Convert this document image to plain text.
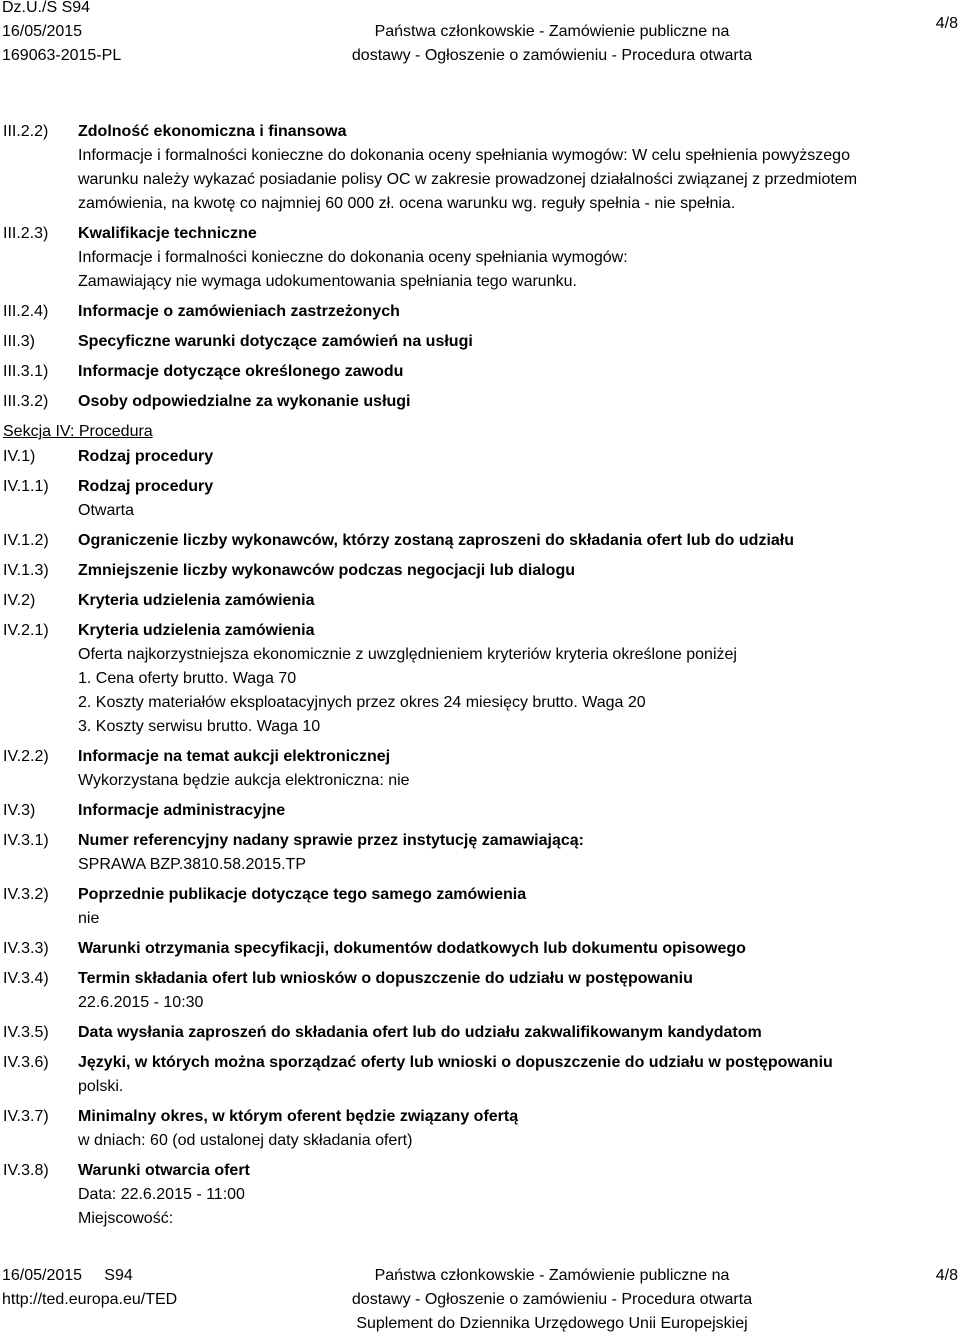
Dz.U./S S94
16/05/2015
169063-2015-PL
Państwa członkowskie - Zamówienie publiczne na
dostawy - Ogłoszenie o zamówieniu - Procedura otwarta
4/8
III.2.2) Zdolność ekonomiczna i finansowa
Informacje i formalności konieczne do dokonania oceny spełniania wymogów: W celu spełnienia powyższego
warunku należy wykazać posiadanie polisy OC w zakresie prowadzonej działalności związanej z przedmiotem
zamówienia, na kwotę co najmniej 60 000 zł. ocena warunku wg. reguły spełnia - nie spełnia.
III.2.3) Kwalifikacje techniczne
Informacje i formalności konieczne do dokonania oceny spełniania wymogów:
Zamawiający nie wymaga udokumentowania spełniania tego warunku.
III.2.4) Informacje o zamówieniach zastrzeżonych
III.3)	Specyficzne warunki dotyczące zamówień na usługi
III.3.1) Informacje dotyczące określonego zawodu
III.3.2) Osoby odpowiedzialne za wykonanie usługi
Sekcja IV: Procedura
IV.1)	Rodzaj procedury
IV.1.1) Rodzaj procedury
Otwarta
IV.1.2) Ograniczenie liczby wykonawców, którzy zostaną zaproszeni do składania ofert lub do udziału
IV.1.3) Zmniejszenie liczby wykonawców podczas negocjacji lub dialogu
IV.2)	Kryteria udzielenia zamówienia
IV.2.1) Kryteria udzielenia zamówienia
Oferta najkorzystniejsza ekonomicznie z uwzględnieniem kryteriów kryteria określone poniżej
1. Cena oferty brutto. Waga 70
2. Koszty materiałów eksploatacyjnych przez okres 24 miesięcy brutto. Waga 20
3. Koszty serwisu brutto. Waga 10
IV.2.2) Informacje na temat aukcji elektronicznej
Wykorzystana będzie aukcja elektroniczna: nie
IV.3)	Informacje administracyjne
IV.3.1) Numer referencyjny nadany sprawie przez instytucję zamawiającą:
SPRAWA BZP.3810.58.2015.TP
IV.3.2) Poprzednie publikacje dotyczące tego samego zamówienia
nie
IV.3.3) Warunki otrzymania specyfikacji, dokumentów dodatkowych lub dokumentu opisowego
IV.3.4) Termin składania ofert lub wniosków o dopuszczenie do udziału w postępowaniu
22.6.2015 - 10:30
IV.3.5) Data wysłania zaproszeń do składania ofert lub do udziału zakwalifikowanym kandydatom
IV.3.6) Języki, w których można sporządzać oferty lub wnioski o dopuszczenie do udziału w postępowaniu
polski.
IV.3.7) Minimalny okres, w którym oferent będzie związany ofertą
w dniach: 60 (od ustalonej daty składania ofert)
IV.3.8) Warunki otwarcia ofert
Data: 22.6.2015 - 11:00
Miejscowość:
16/05/2015     S94
http://ted.europa.eu/TED
Państwa członkowskie - Zamówienie publiczne na
dostawy - Ogłoszenie o zamówieniu - Procedura otwarta
Suplement do Dziennika Urzędowego Unii Europejskiej
4/8
